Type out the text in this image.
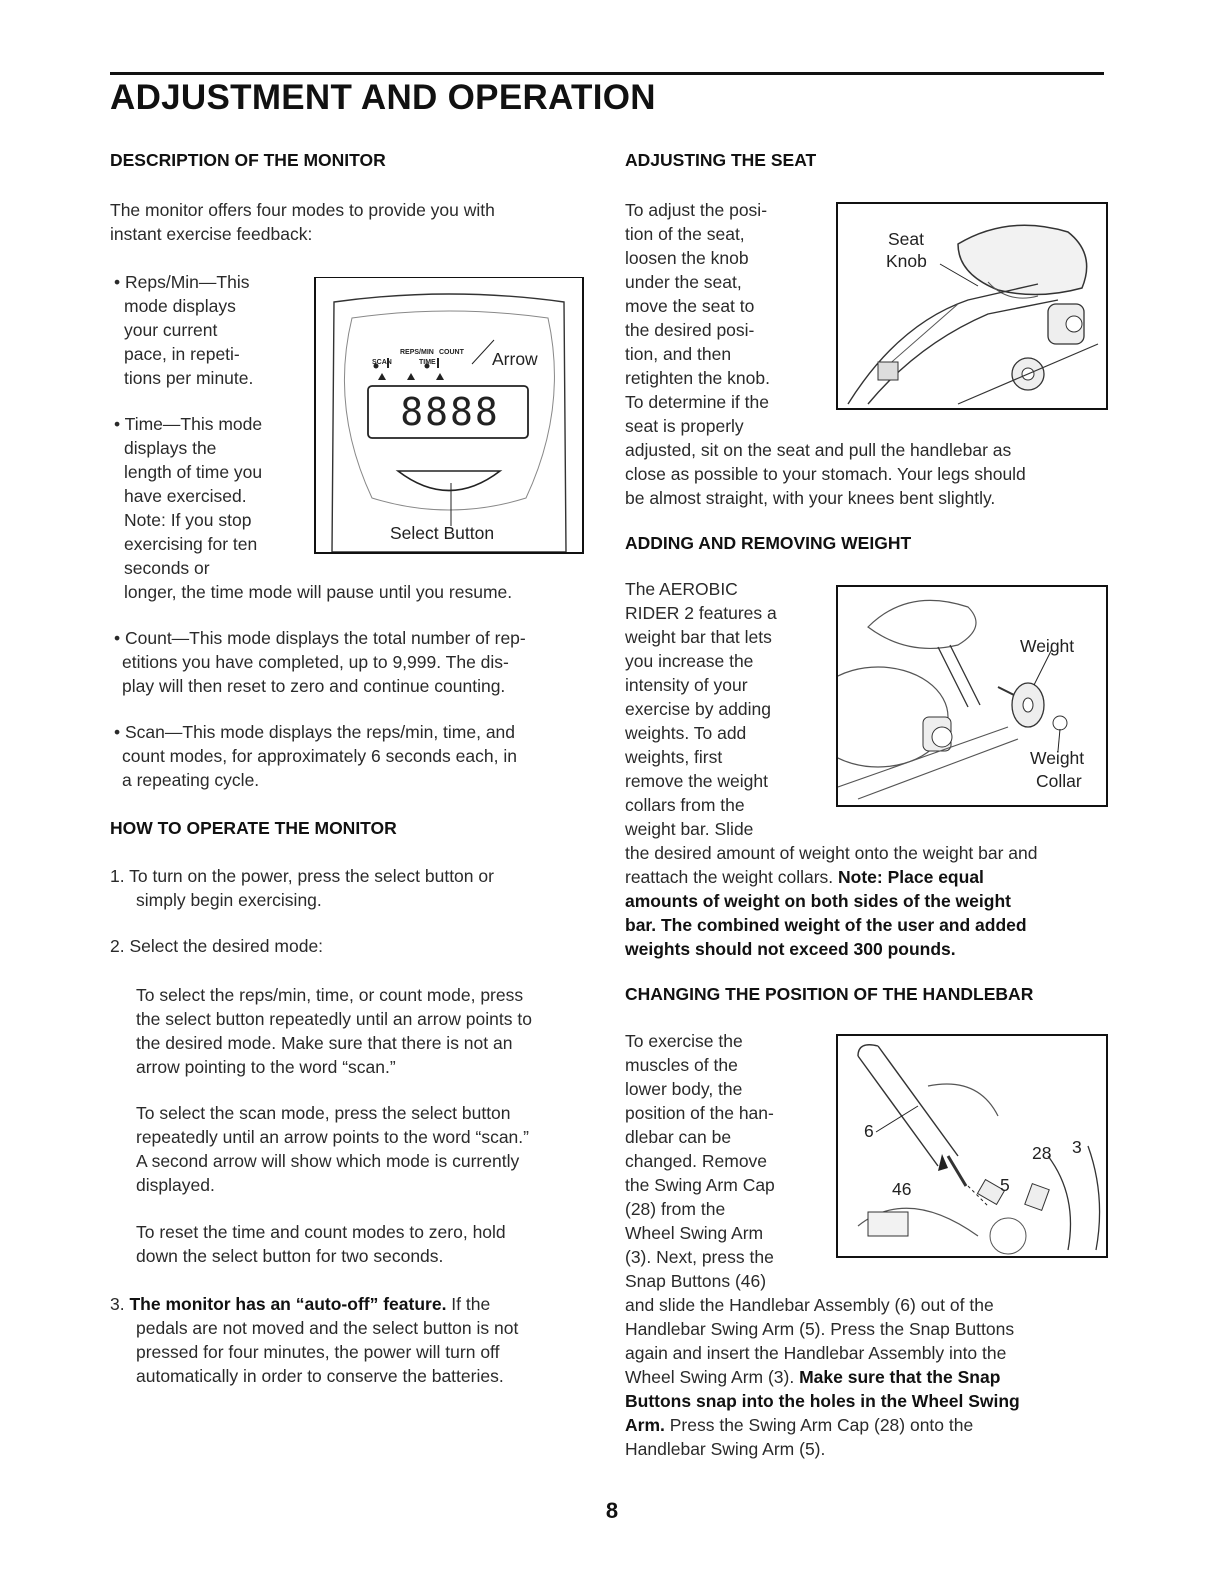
ADJUSTMENT AND OPERATION
DESCRIPTION OF THE MONITOR
The monitor offers four modes to provide you with
instant exercise feedback:
• Reps/Min—This
mode displays
your current
pace, in repeti-
tions per minute.
• Time—This mode
displays the
length of time you
have exercised.
Note: If you stop
exercising for ten
seconds or
longer, the time mode will pause until you resume.
REPS/MIN COUNT
SCAN	TIME	Arrow
8888
Select Button
• Count—This mode displays the total number of rep-
etitions you have completed, up to 9,999. The dis-
play will then reset to zero and continue counting.
• Scan—This mode displays the reps/min, time, and
count modes, for approximately 6 seconds each, in
a repeating cycle.
HOW TO OPERATE THE MONITOR
1. To turn on the power, press the select button or
simply begin exercising.
2. Select the desired mode:
To select the reps/min, time, or count mode, press
the select button repeatedly until an arrow points to
the desired mode. Make sure that there is not an
arrow pointing to the word “scan.”
To select the scan mode, press the select button
repeatedly until an arrow points to the word “scan.”
A second arrow will show which mode is currently
displayed.
To reset the time and count modes to zero, hold
down the select button for two seconds.
3. The monitor has an “auto-off” feature. If the
pedals are not moved and the select button is not
pressed for four minutes, the power will turn off
automatically in order to conserve the batteries.
ADJUSTING THE SEAT
To adjust the posi-
tion of the seat,
loosen the knob
under the seat,
move the seat to
the desired posi-
tion, and then
retighten the knob.
To determine if the
seat is properly
adjusted, sit on the seat and pull the handlebar as
close as possible to your stomach. Your legs should
be almost straight, with your knees bent slightly.
Seat
Knob
ADDING AND REMOVING WEIGHT
The AEROBIC
RIDER 2 features a
weight bar that lets
you increase the
intensity of your
exercise by adding
weights. To add
weights, first
remove the weight
collars from the
weight bar. Slide
the desired amount of weight onto the weight bar and
reattach the weight collars. Note: Place equal
amounts of weight on both sides of the weight
bar. The combined weight of the user and added
weights should not exceed 300 pounds.
Weight
Weight
Collar
CHANGING THE POSITION OF THE HANDLEBAR
To exercise the
muscles of the
lower body, the
position of the han-
dlebar can be
changed. Remove
the Swing Arm Cap
(28) from the
Wheel Swing Arm
(3). Next, press the
Snap Buttons (46)
and slide the Handlebar Assembly (6) out of the
Handlebar Swing Arm (5). Press the Snap Buttons
again and insert the Handlebar Assembly into the
Wheel Swing Arm (3). Make sure that the Snap
Buttons snap into the holes in the Wheel Swing
Arm. Press the Swing Arm Cap (28) onto the
Handlebar Swing Arm (5).
6
28 3
46	5
8
